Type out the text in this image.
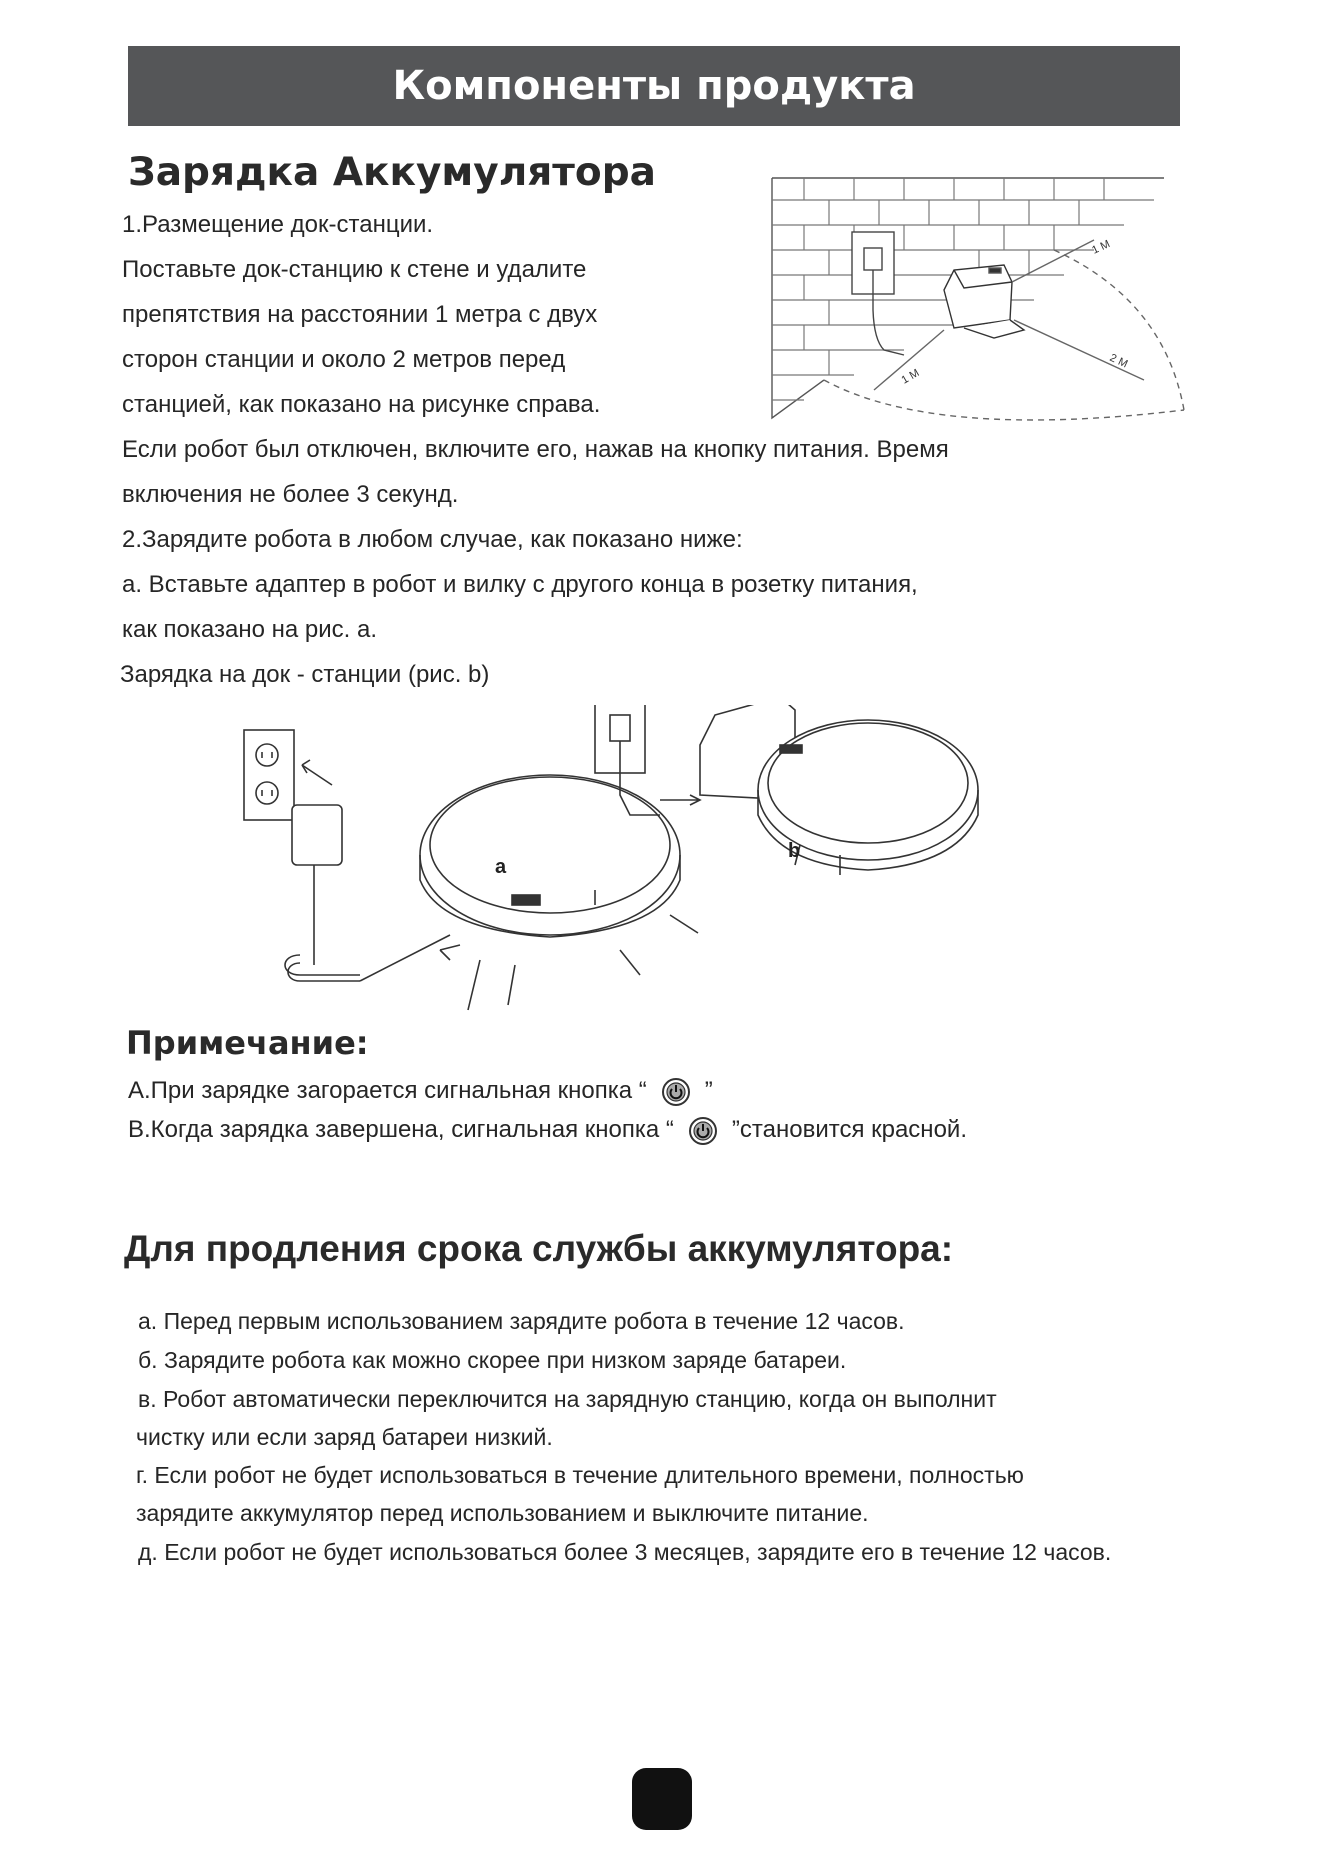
Компоненты продукта
Зарядка Аккумулятора
1.Размещение док-станции.
Поставьте док-станцию к стене и удалите
препятствия на расстоянии 1 метра с двух
сторон станции и около 2 метров перед
станцией, как показано на рисунке справа.
Если робот был отключен, включите его, нажав на кнопку питания. Время
включения не более 3 секунд.
2.Зарядите робота в любом случае, как показано ниже:
a. Вставьте адаптер в робот и вилку с другого конца в розетку питания,
как показано на рис. a.
Зарядка на док - станции (рис. b)
1 M
2 M
1 M
a
b
Примечание:
A.При зарядке загорается сигнальная кнопка “ ”
B.Когда зарядка завершена, сигнальная кнопка “ ”становится красной.
Для продления срока службы аккумулятора:
a. Перед первым использованием зарядите робота в течение 12 часов.
б. Зарядите робота как можно скорее при низком заряде батареи.
в. Робот автоматически переключится на зарядную станцию, когда он выполнит
чистку или если заряд батареи низкий.
г. Если робот не будет использоваться в течение длительного времени, полностью
зарядите аккумулятор перед использованием и выключите питание.
д. Если робот не будет использоваться более 3 месяцев, зарядите его в течение 12 часов.
